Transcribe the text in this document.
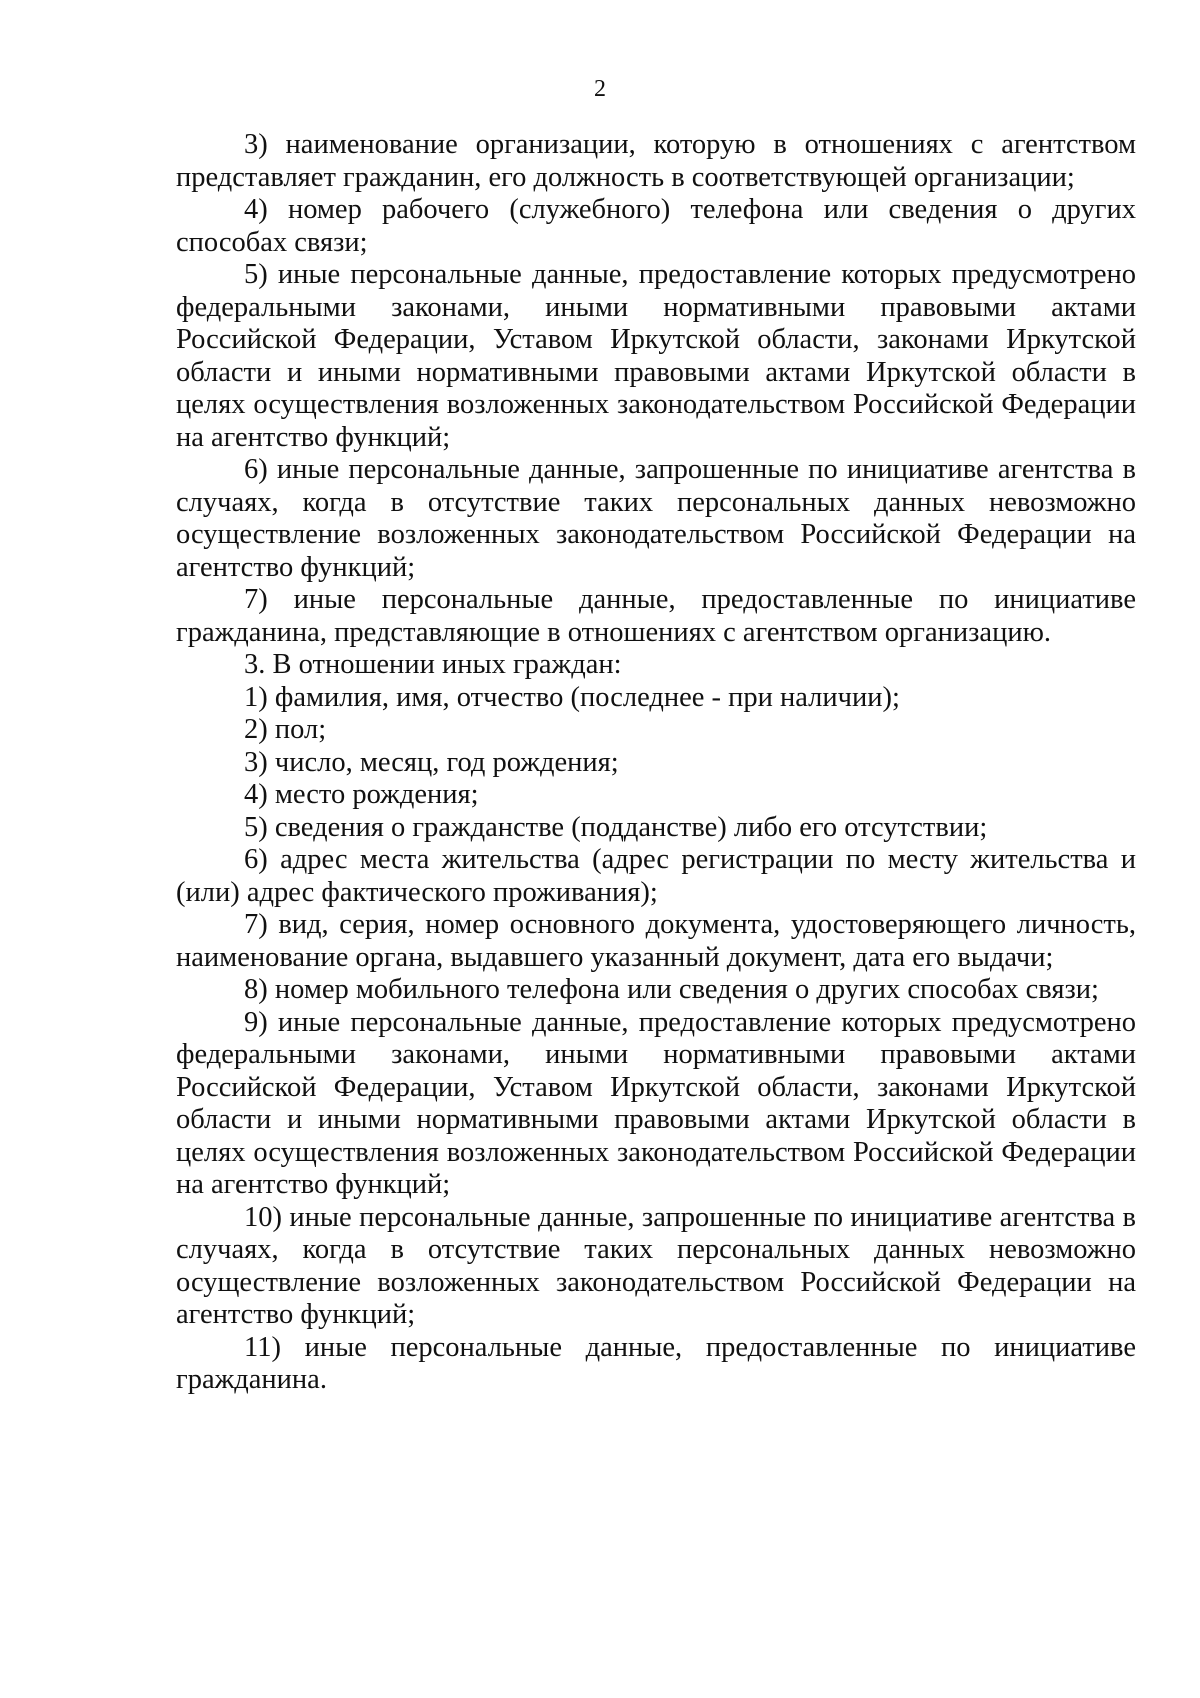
2
3) наименование организации, которую в отношениях с агентством представляет гражданин, его должность в соответствующей организации;
4) номер рабочего (служебного) телефона или сведения о других способах связи;
5) иные персональные данные, предоставление которых предусмотрено федеральными законами, иными нормативными правовыми актами Российской Федерации, Уставом Иркутской области, законами Иркутской области и иными нормативными правовыми актами Иркутской области в целях осуществления возложенных законодательством Российской Федерации на агентство функций;
6) иные персональные данные, запрошенные по инициативе агентства в случаях, когда в отсутствие таких персональных данных невозможно осуществление возложенных законодательством Российской Федерации на агентство функций;
7) иные персональные данные, предоставленные по инициативе гражданина, представляющие в отношениях с агентством организацию.

3. В отношении иных граждан:

1) фамилия, имя, отчество (последнее - при наличии);
2) пол;
3) число, месяц, год рождения;
4) место рождения;
5) сведения о гражданстве (подданстве) либо его отсутствии;
6) адрес места жительства (адрес регистрации по месту жительства и (или) адрес фактического проживания);
7) вид, серия, номер основного документа, удостоверяющего личность, наименование органа, выдавшего указанный документ, дата его выдачи;
8) номер мобильного телефона или сведения о других способах связи;
9) иные персональные данные, предоставление которых предусмотрено федеральными законами, иными нормативными правовыми актами Российской Федерации, Уставом Иркутской области, законами Иркутской области и иными нормативными правовыми актами Иркутской области в целях осуществления возложенных законодательством Российской Федерации на агентство функций;
10) иные персональные данные, запрошенные по инициативе агентства в случаях, когда в отсутствие таких персональных данных невозможно осуществление возложенных законодательством Российской Федерации на агентство функций;
11) иные персональные данные, предоставленные по инициативе гражданина.
